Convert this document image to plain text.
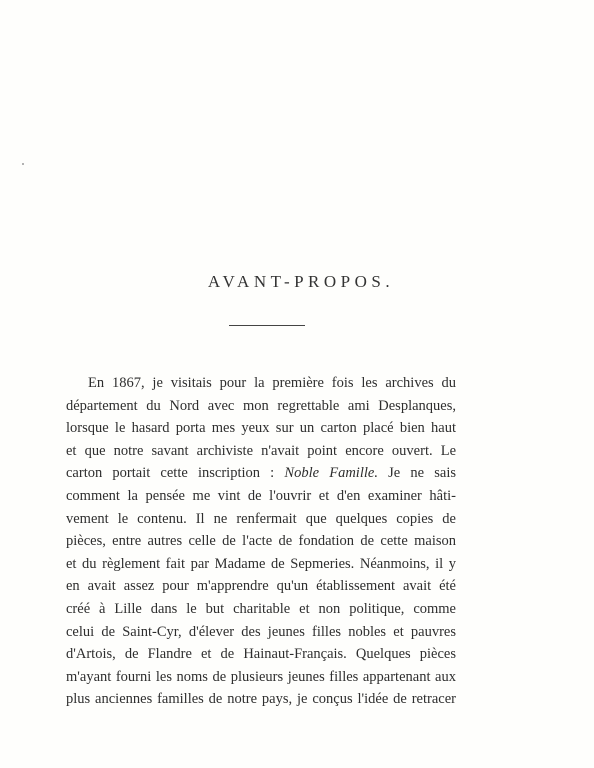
AVANT-PROPOS.
En 1867, je visitais pour la première fois les archives du
département du Nord avec mon regrettable ami Desplanques,
lorsque le hasard porta mes yeux sur un carton placé bien haut
et que notre savant archiviste n'avait point encore ouvert. Le
carton portait cette inscription : Noble Famille. Je ne sais
comment la pensée me vint de l'ouvrir et d'en examiner hâti-
vement le contenu. Il ne renfermait que quelques copies de
pièces, entre autres celle de l'acte de fondation de cette maison
et du règlement fait par Madame de Sepmeries. Néanmoins, il y
en avait assez pour m'apprendre qu'un établissement avait été
créé à Lille dans le but charitable et non politique, comme
celui de Saint-Cyr, d'élever des jeunes filles nobles et pauvres
d'Artois, de Flandre et de Hainaut-Français. Quelques pièces
m'ayant fourni les noms de plusieurs jeunes filles appartenant aux
plus anciennes familles de notre pays, je conçus l'idée de retracer
